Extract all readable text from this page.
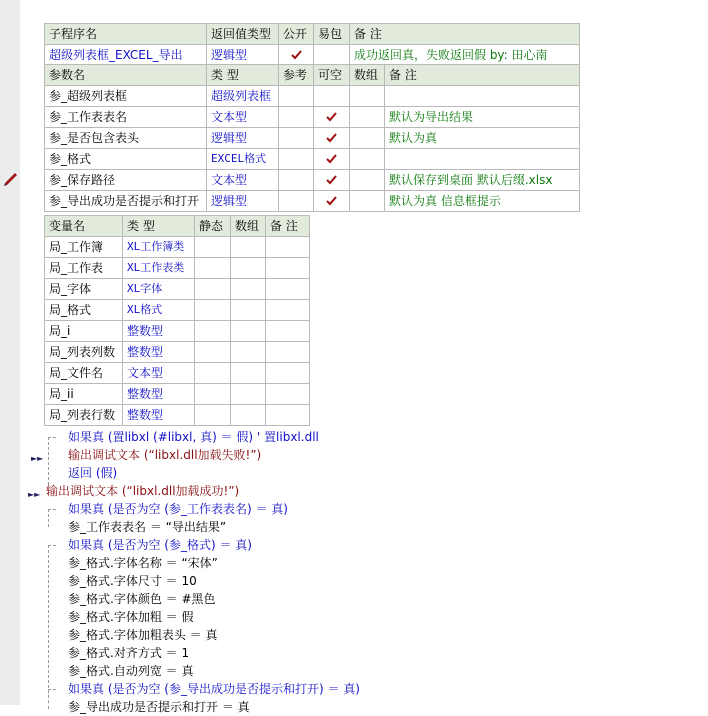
子程序名	返回值类型	公开	易包	备 注
超级列表框_EXCEL_导出	逻辑型			成功返回真，失败返回假 by: 田心南
参数名	类 型	参考	可空	数组	备 注
参_超级列表框	超级列表框				
参_工作表表名	文本型				默认为导出结果
参_是否包含表头	逻辑型				默认为真
参_格式	EXCEL格式		

参_保存路径	文本型				默认保存到桌面 默认后缀.xlsx
参_导出成功是否提示和打开	逻辑型				默认为真 信息框提示
变量名	类 型	静态	数组	备 注
局_工作簿	XL工作簿类			
局_工作表	XL工作表类			
局_字体	XL字体			
局_格式	XL格式			
局_i	整数型			
局_列表列数	整数型			
局_文件名	文本型			
局_ii	整数型			
局_列表行数	整数型			
如果真 (置libxl (#libxl, 真) ＝ 假) ' 置libxl.dll
输出调试文本 (“libxl.dll加载失败!”)
返回 (假)
输出调试文本 (“libxl.dll加载成功!”)
如果真 (是否为空 (参_工作表表名) ＝ 真)
参_工作表表名 ＝ “导出结果”
如果真 (是否为空 (参_格式) ＝ 真)
参_格式.字体名称 ＝ “宋体”
参_格式.字体尺寸 ＝ 10
参_格式.字体颜色 ＝ #黑色
参_格式.字体加粗 ＝ 假
参_格式.字体加粗表头 ＝ 真
参_格式.对齐方式 ＝ 1
参_格式.自动列宽 ＝ 真
如果真 (是否为空 (参_导出成功是否提示和打开) ＝ 真)
参_导出成功是否提示和打开 ＝ 真
►►
►►
